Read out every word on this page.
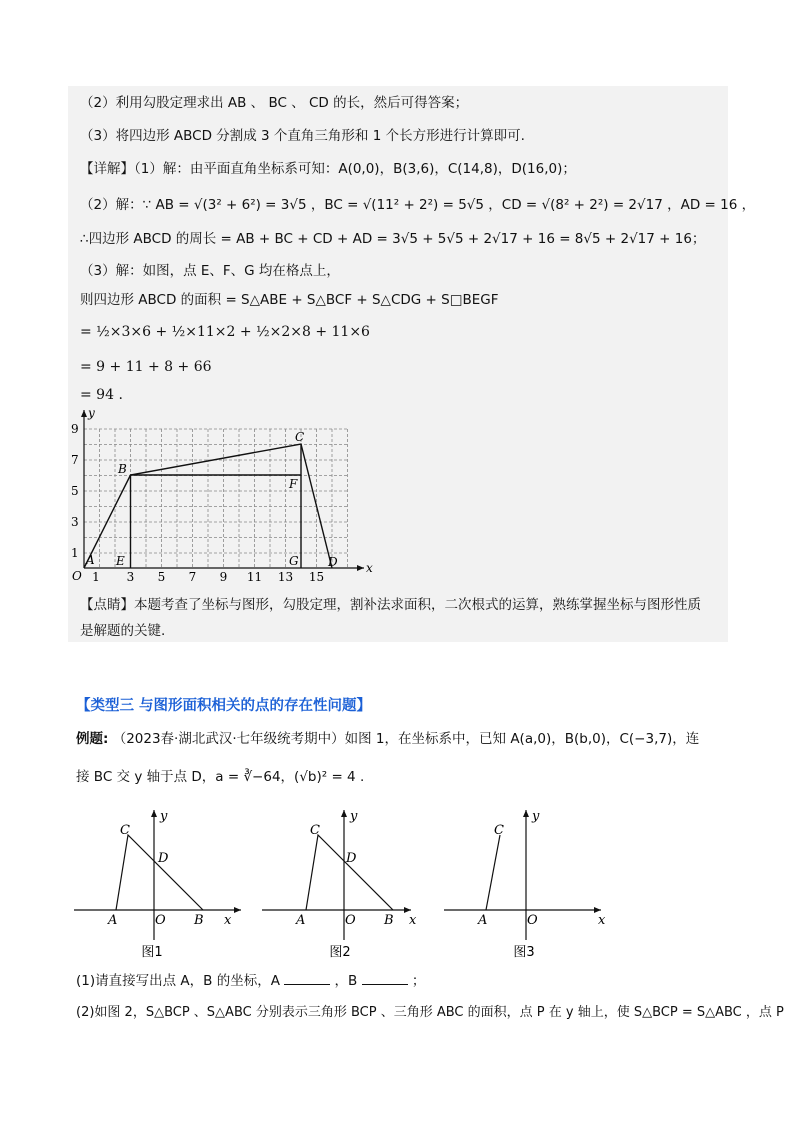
（2）利用勾股定理求出 AB 、 BC 、 CD 的长，然后可得答案；
（3）将四边形 ABCD 分割成 3 个直角三角形和 1 个长方形进行计算即可.
【详解】（1）解：由平面直角坐标系可知：A(0,0)，B(3,6)，C(14,8)，D(16,0)；
（2）解：∵ AB = √(3² + 6²) = 3√5 ，BC = √(11² + 2²) = 5√5 ，CD = √(8² + 2²) = 2√17 ，AD = 16 ，
∴四边形 ABCD 的周长 = AB + BC + CD + AD = 3√5 + 5√5 + 2√17 + 16 = 8√5 + 2√17 + 16；
（3）解：如图，点 E、F、G 均在格点上，
则四边形 ABCD 的面积 = S△ABE + S△BCF + S△CDG + S□BEGF
= ½×3×6 + ½×11×2 + ½×2×8 + 11×6
= 9 + 11 + 8 + 66
= 94 .
y
x
O
1
3
5
7
9
1 3 5 7 9 11 13 15
A
B
C
D
E
F
G
【点睛】本题考查了坐标与图形，勾股定理，割补法求面积，二次根式的运算，熟练掌握坐标与图形性质
是解题的关键.
【类型三 与图形面积相关的点的存在性问题】
例题: （2023春·湖北武汉·七年级统考期中）如图 1，在坐标系中，已知 A(a,0)，B(b,0)，C(−3,7)，连
接 BC 交 y 轴于点 D，a = ∛−64，(√b)² = 4 .
y
x
C
D
A	O B
图1
y
x
C
D
A	O B
图2
y
x
C
A	O
图3
(1)请直接写出点 A，B 的坐标，A	，B	；
(2)如图 2，S△BCP 、S△ABC 分别表示三角形 BCP 、三角形 ABC 的面积，点 P 在 y 轴上，使 S△BCP = S△ABC ，点 P
